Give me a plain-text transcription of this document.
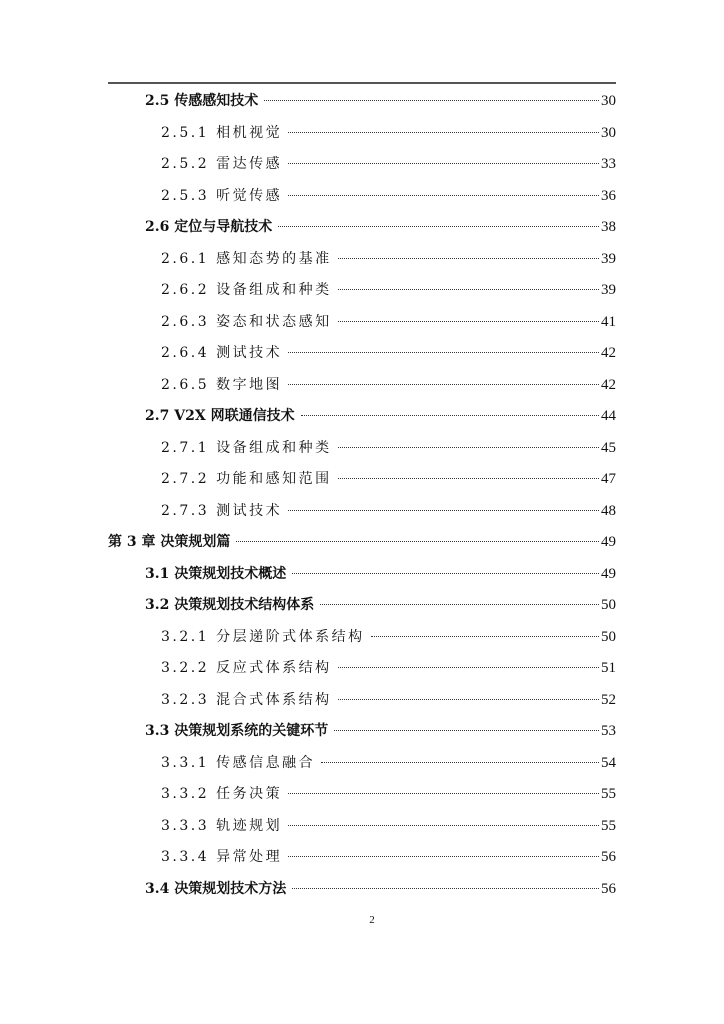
2.5 传感感知技术	30
2.5.1 相机视觉	30
2.5.2 雷达传感	33
2.5.3 听觉传感	36
2.6 定位与导航技术	38
2.6.1 感知态势的基准	39
2.6.2 设备组成和种类	39
2.6.3 姿态和状态感知	41
2.6.4 测试技术	42
2.6.5 数字地图	42
2.7 V2X 网联通信技术	44
2.7.1 设备组成和种类	45
2.7.2 功能和感知范围	47
2.7.3 测试技术	48
第 3 章 决策规划篇	49
3.1 决策规划技术概述	49
3.2 决策规划技术结构体系	50
3.2.1 分层递阶式体系结构	50
3.2.2 反应式体系结构	51
3.2.3 混合式体系结构	52
3.3 决策规划系统的关键环节	53
3.3.1 传感信息融合	54
3.3.2 任务决策	55
3.3.3 轨迹规划	55
3.3.4 异常处理	56
3.4 决策规划技术方法	56
2
